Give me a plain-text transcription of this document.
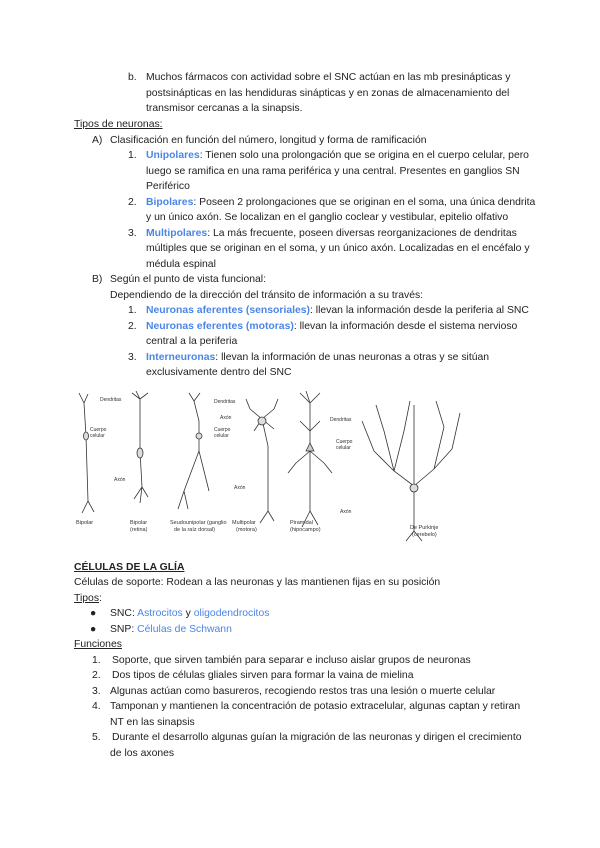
b. Muchos fármacos con actividad sobre el SNC actúan en las mb presinápticas y
postsinápticas en las hendiduras sinápticas y en zonas de almacenamiento del
transmisor cercanas a la sinapsis.
Tipos de neuronas:
A) Clasificación en función del número, longitud y forma de ramificación
1. Unipolares: Tienen solo una prolongación que se origina en el cuerpo celular, pero
luego se ramifica en una rama periférica y una central. Presentes en ganglios SN
Periférico
2. Bipolares: Poseen 2 prolongaciones que se originan en el soma, una única dendrita
y un único axón. Se localizan en el ganglio coclear y vestibular, epitelio olfativo
3. Multipolares: La más frecuente, poseen diversas reorganizaciones de dendritas
múltiples que se originan en el soma, y un único axón. Localizadas en el encéfalo y
médula espinal
B) Según el punto de vista funcional:
Dependiendo de la dirección del tránsito de información a su través:
1. Neuronas aferentes (sensoriales): llevan la información desde la periferia al SNC
2. Neuronas eferentes (motoras): llevan la información desde el sistema nervioso
central a la periferia
3. Interneuronas: llevan la información de unas neuronas a otras y se sitúan
exclusivamente dentro del SNC
Dendritas
Cuerpo
celular
Axón
Dendritas
Axón
Cuerpo
celular
Axón
Dendritas
Cuerpo
celular
Axón
Bipolar	Bipolar
(retina)
Seudounipolar (ganglio
de la raíz dorsal)
Multipolar
(motora)
Piramidal
(hipocampo)	De Purkinje
(cerebelo)
CÉLULAS DE LA GLÍA
Células de soporte: Rodean a las neuronas y las mantienen fijas en su posición
Tipos:
● SNC: Astrocitos y oligodendrocitos
● SNP: Células de Schwann
Funciones
1. Soporte, que sirven también para separar e incluso aislar grupos de neuronas
2. Dos tipos de células gliales sirven para formar la vaina de mielina
3. Algunas actúan como basureros, recogiendo restos tras una lesión o muerte celular
4. Tamponan y mantienen la concentración de potasio extracelular, algunas captan y retiran
NT en las sinapsis
5. Durante el desarrollo algunas guían la migración de las neuronas y dirigen el crecimiento
de los axones
